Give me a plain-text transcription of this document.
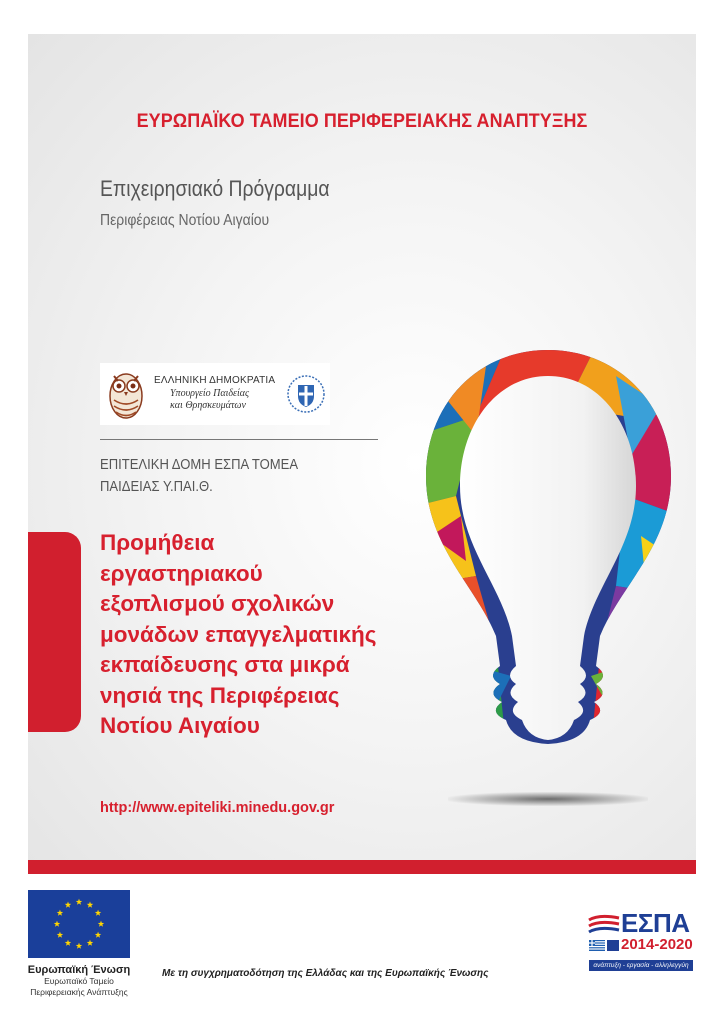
ΕΥΡΩΠΑΪΚΟ ΤΑΜΕΙΟ ΠΕΡΙΦΕΡΕΙΑΚΗΣ ΑΝΑΠΤΥΞΗΣ
Επιχειρησιακό Πρόγραμμα
Περιφέρειας Νοτίου Αιγαίου
ΕΛΛΗΝΙΚΗ ΔΗΜΟΚΡΑΤΙΑ
Υπουργείο Παιδείας
και Θρησκευμάτων
ΕΠΙΤΕΛΙΚΗ ΔΟΜΗ ΕΣΠΑ ΤΟΜΕΑ
ΠΑΙΔΕΙΑΣ Υ.ΠΑΙ.Θ.
Προμήθεια
εργαστηριακού
εξοπλισμού σχολικών
μονάδων επαγγελματικής
εκπαίδευσης στα μικρά
νησιά της Περιφέρειας
Νοτίου Αιγαίου
http://www.epiteliki.minedu.gov.gr
Ευρωπαϊκή Ένωση
Ευρωπαϊκό Ταμείο
Περιφερειακής Ανάπτυξης
Με τη συγχρηματοδότηση της Ελλάδας και της Ευρωπαϊκής Ένωσης
ΕΣΠΑ
2014-2020
ανάπτυξη - εργασία - αλληλεγγύη
